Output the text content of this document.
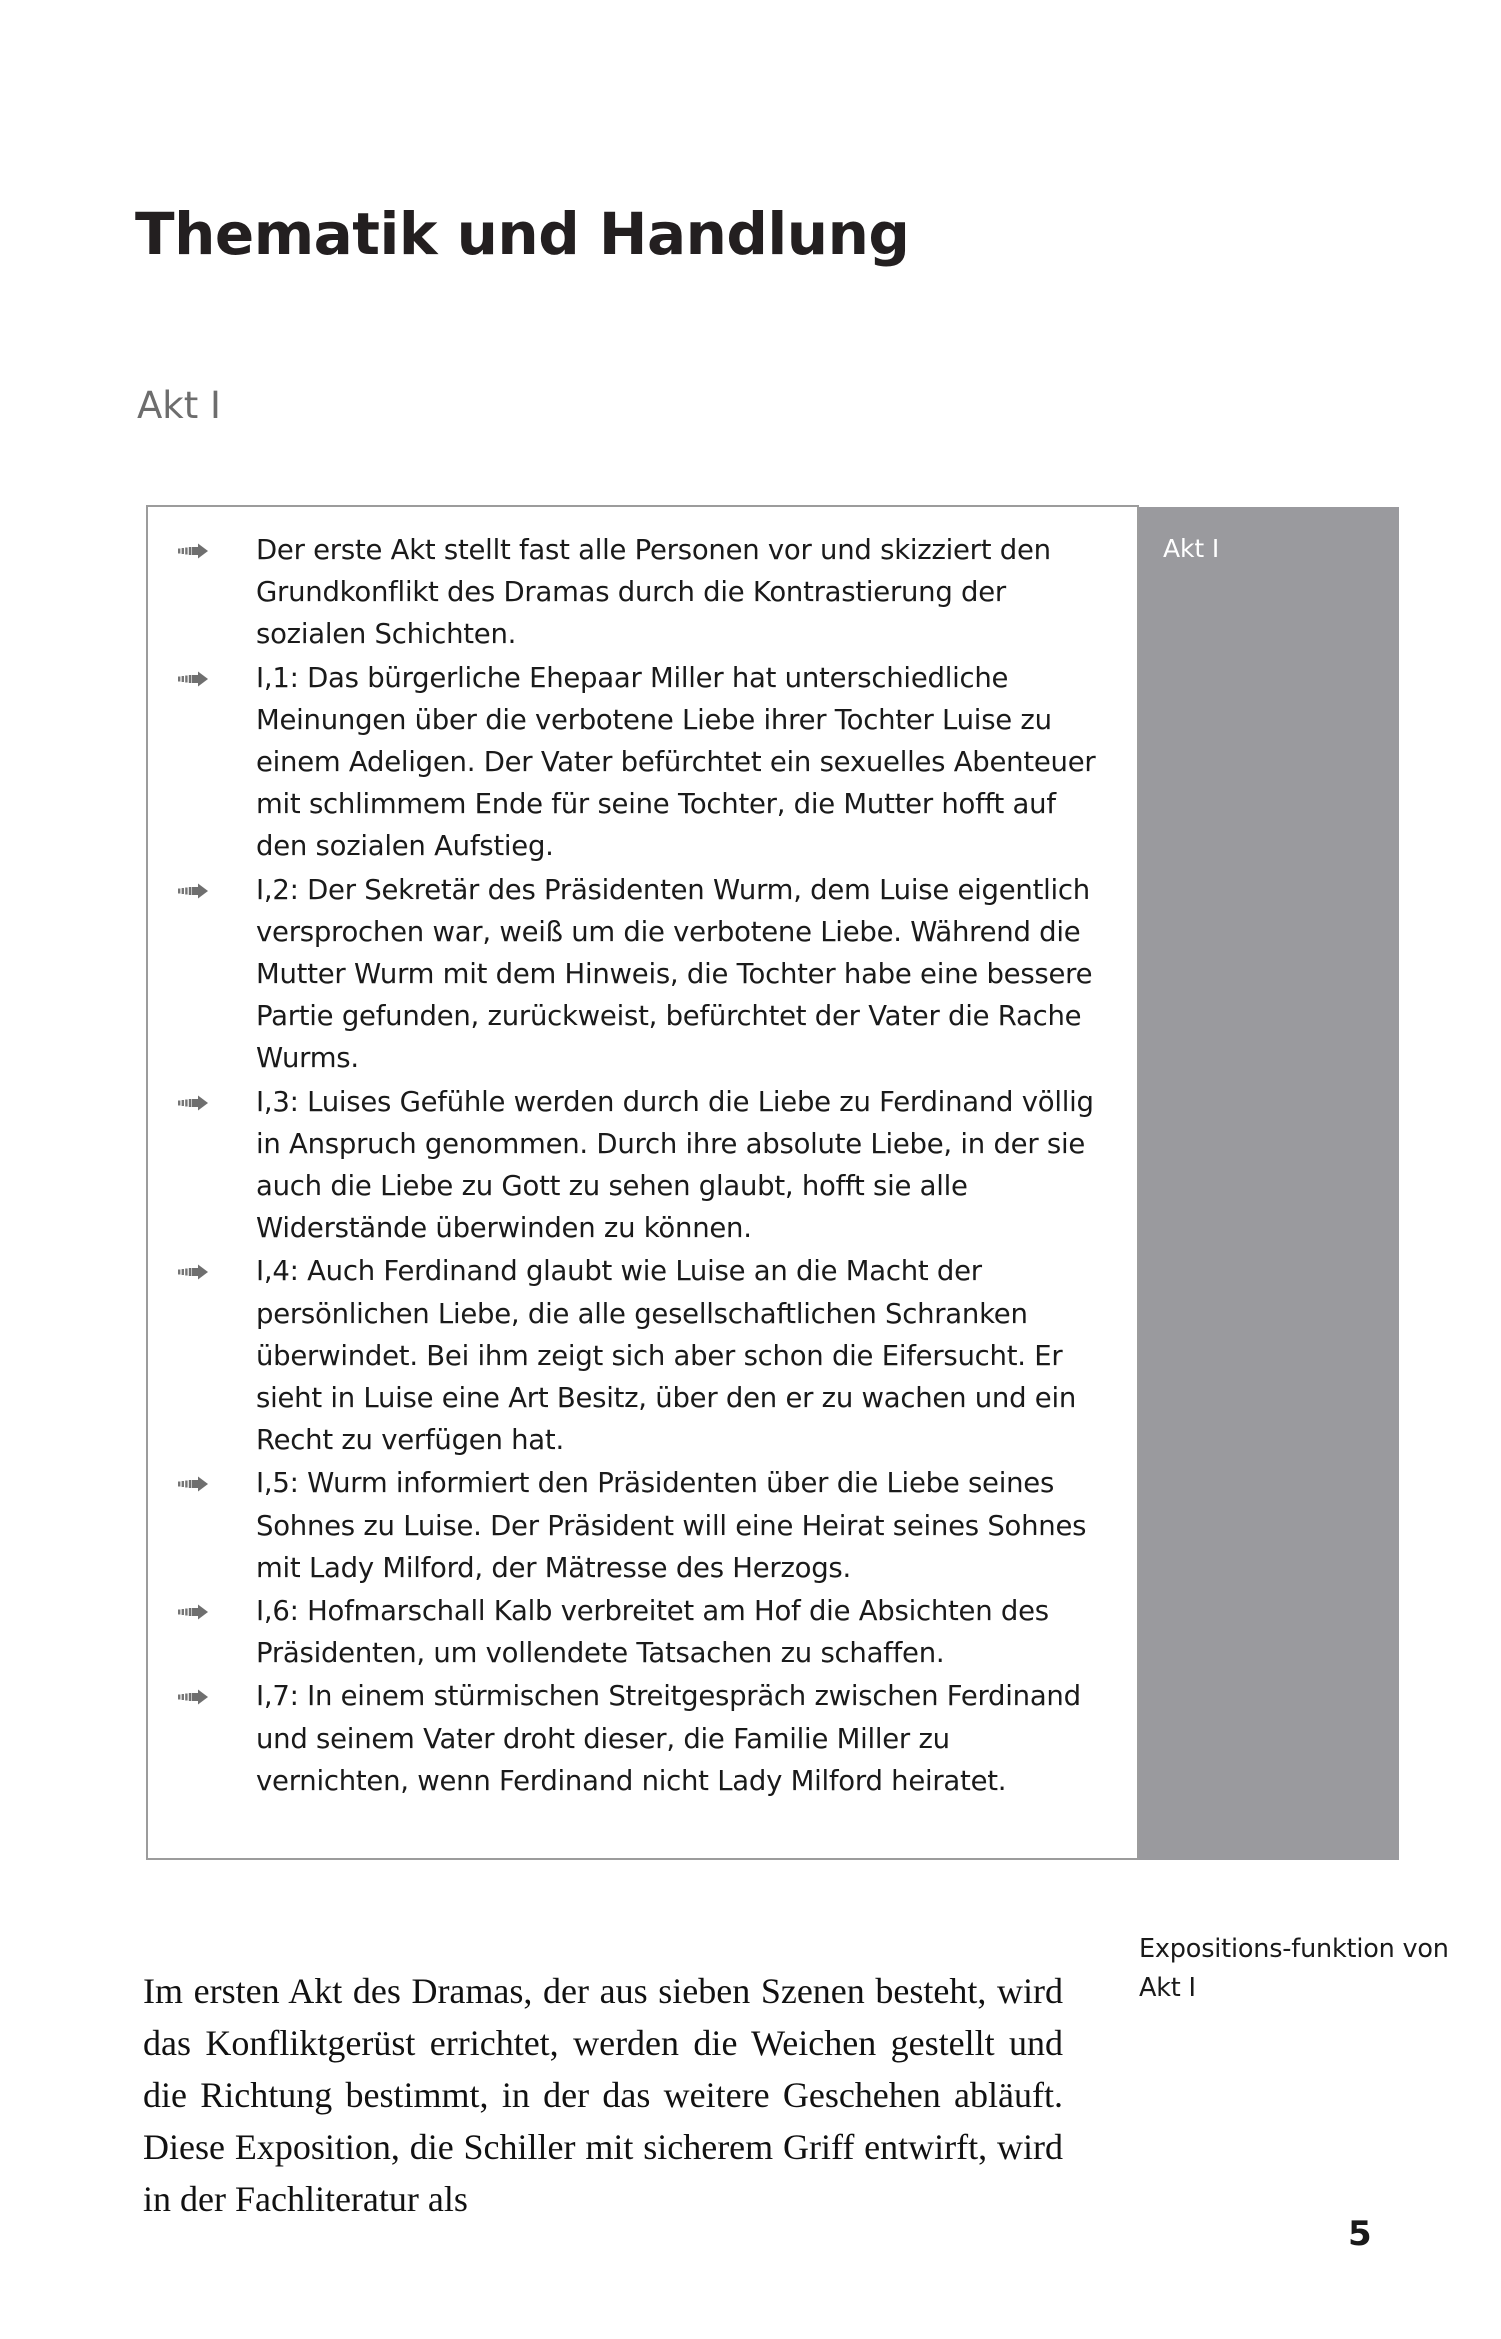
Thematik und Handlung
Akt I
Der erste Akt stellt fast alle Personen vor und skizziert den Grundkonflikt des Dramas durch die Kontrastierung der sozialen Schichten.
I,1: Das bürgerliche Ehepaar Miller hat unterschiedliche Meinungen über die verbotene Liebe ihrer Tochter Luise zu einem Adeligen. Der Vater befürchtet ein sexuelles Abenteuer mit schlimmem Ende für seine Tochter, die Mutter hofft auf den sozialen Aufstieg.
I,2: Der Sekretär des Präsidenten Wurm, dem Luise eigentlich versprochen war, weiß um die verbotene Liebe. Während die Mutter Wurm mit dem Hinweis, die Tochter habe eine bessere Partie gefunden, zurückweist, befürchtet der Vater die Rache Wurms.
I,3: Luises Gefühle werden durch die Liebe zu Ferdinand völlig in Anspruch genommen. Durch ihre absolute Liebe, in der sie auch die Liebe zu Gott zu sehen glaubt, hofft sie alle Widerstände überwinden zu können.
I,4: Auch Ferdinand glaubt wie Luise an die Macht der persönlichen Liebe, die alle gesellschaftlichen Schranken überwindet. Bei ihm zeigt sich aber schon die Eifersucht. Er sieht in Luise eine Art Besitz, über den er zu wachen und ein Recht zu verfügen hat.
I,5: Wurm informiert den Präsidenten über die Liebe seines Sohnes zu Luise. Der Präsident will eine Heirat seines Sohnes mit Lady Milford, der Mätresse des Herzogs.
I,6: Hofmarschall Kalb verbreitet am Hof die Absichten des Präsidenten, um vollendete Tatsachen zu schaffen.
I,7: In einem stürmischen Streitgespräch zwischen Ferdinand und seinem Vater droht dieser, die Familie Miller zu vernichten, wenn Ferdinand nicht Lady Milford heiratet.
Akt I

Im ersten Akt des Dramas, der aus sieben Szenen besteht, wird das Konfliktgerüst errichtet, werden die Weichen gestellt und die Richtung bestimmt, in der das weitere Geschehen abläuft. Diese Exposition, die Schiller mit sicherem Griff entwirft, wird in der Fachliteratur als

Expositions-funktion von Akt I
5
